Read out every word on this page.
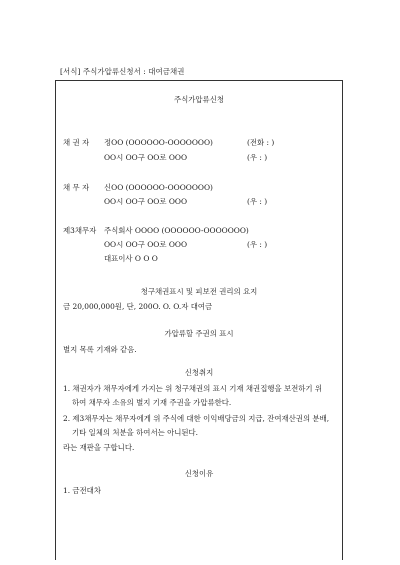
[서식] 주식가압류신청서 : 대여금채권
주식가압류신청
채 권 자 정OO (OOOOOO-OOOOOOO)	(전화 : )
OO시 OO구 OO로 OOO	(우 : )
채 무 자 신OO (OOOOOO-OOOOOOO)
OO시 OO구 OO로 OOO	(우 : )
제3채무자 주식회사 OOOO (OOOOOO-OOOOOOO)
OO시 OO구 OO로 OOO	(우 : )
대표이사 O O O
청구채권표시 및 피보전 권리의 요지
금 20,000,000원, 단, 200O. O. O.자 대여금
가압류할 주권의 표시
별지 목록 기재와 같음.
신청취지
1. 채권자가 채무자에게 가지는 위 청구채권의 표시 기재 채권집행을 보전하기 위
하여 채무자 소유의 별지 기재 주권을 가압류한다.
2. 제3채무자는 채무자에게 위 주식에 대한 이익배당금의 지급, 잔여재산권의 분배,
기타 일체의 처분을 하여서는 아니된다.
라는 재판을 구합니다.
신청이유
1. 금전대차
